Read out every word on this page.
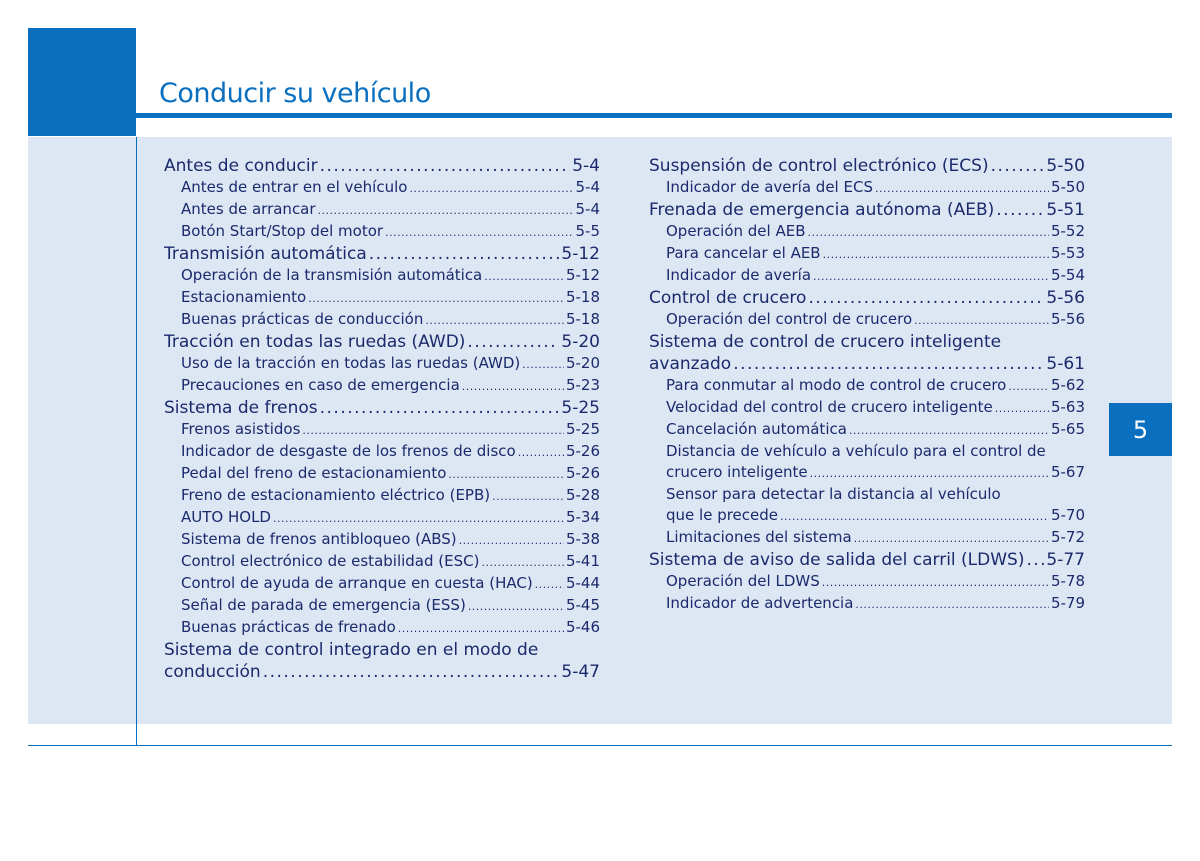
Conducir su vehículo
5
Antes de conducir .....	5-4
Antes de entrar en el vehículo .....	5-4
Antes de arrancar .....	5-4
Botón Start/Stop del motor .....	5-5
Transmisión automática .....	5-12
Operación de la transmisión automática .....	5-12
Estacionamiento .....	5-18
Buenas prácticas de conducción .....	5-18
Tracción en todas las ruedas (AWD) .....	5-20
Uso de la tracción en todas las ruedas (AWD) .....	5-20
Precauciones en caso de emergencia .....	5-23
Sistema de frenos .....	5-25
Frenos asistidos .....	5-25
Indicador de desgaste de los frenos de disco .....	5-26
Pedal del freno de estacionamiento .....	5-26
Freno de estacionamiento eléctrico (EPB) .....	5-28
AUTO HOLD .....	5-34
Sistema de frenos antibloqueo (ABS) .....	5-38
Control electrónico de estabilidad (ESC) .....	5-41
Control de ayuda de arranque en cuesta (HAC) ..... 5-44
Señal de parada de emergencia (ESS) .....	5-45
Buenas prácticas de frenado .....	5-46
Sistema de control integrado en el modo de
conducción .....	5-47
Suspensión de control electrónico (ECS) .....	5-50
Indicador de avería del ECS .....	5-50
Frenada de emergencia autónoma (AEB) .....	5-51
Operación del AEB .....	5-52
Para cancelar el AEB .....	5-53
Indicador de avería .....	5-54
Control de crucero .....	5-56
Operación del control de crucero .....	5-56
Sistema de control de crucero inteligente
avanzado .....	5-61
Para conmutar al modo de control de crucero .....	5-62
Velocidad del control de crucero inteligente .....	5-63
Cancelación automática .....	5-65
Distancia de vehículo a vehículo para el control de
crucero inteligente .....	5-67
Sensor para detectar la distancia al vehículo
que le precede .....	5-70
Limitaciones del sistema .....	5-72
Sistema de aviso de salida del carril (LDWS) ..... 5-77
Operación del LDWS .....	5-78
Indicador de advertencia .....	5-79
